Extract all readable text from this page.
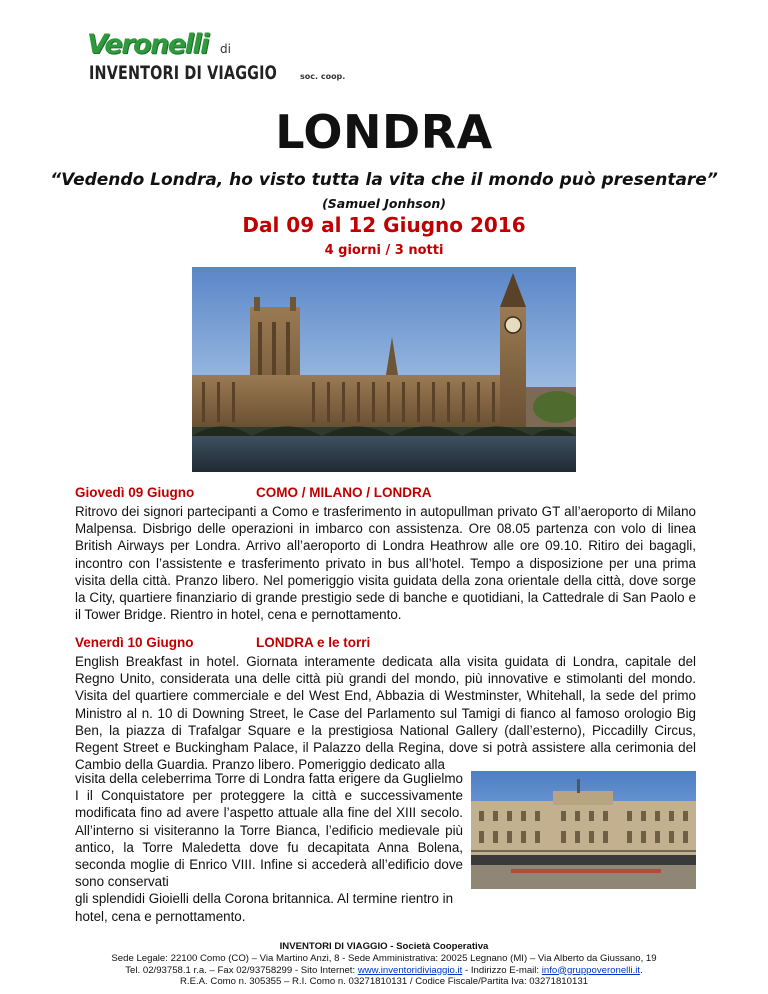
Veronelli di
INVENTORI DI VIAGGIO	soc. coop.
LONDRA
“Vedendo Londra, ho visto tutta la vita che il mondo può presentare”
(Samuel Jonhson)
Dal 09 al 12 Giugno 2016
4 giorni / 3 notti
Giovedì 09 Giugno	COMO / MILANO / LONDRA
Ritrovo dei signori partecipanti a Como e trasferimento in autopullman privato GT all’aeroporto di Milano Malpensa. Disbrigo delle operazioni in imbarco con assistenza. Ore 08.05 partenza con volo di linea British Airways per Londra. Arrivo all’aeroporto di Londra Heathrow alle ore 09.10. Ritiro dei bagagli, incontro con l’assistente e trasferimento privato in bus all’hotel. Tempo a disposizione per una prima visita della città. Pranzo libero. Nel pomeriggio visita guidata della zona orientale della città, dove sorge la City, quartiere finanziario di grande prestigio sede di banche e quotidiani, la Cattedrale di San Paolo e il Tower Bridge. Rientro in hotel, cena e pernottamento.
Venerdì 10 Giugno	LONDRA e le torri
English Breakfast in hotel. Giornata interamente dedicata alla visita guidata di Londra, capitale del Regno Unito, considerata una delle città più grandi del mondo, più innovative e stimolanti del mondo. Visita del quartiere commerciale e del West End, Abbazia di Westminster, Whitehall, la sede del primo Ministro al n. 10 di Downing Street, le Case del Parlamento sul Tamigi di fianco al famoso orologio Big Ben, la piazza di Trafalgar Square e la prestigiosa National Gallery (dall’esterno), Piccadilly Circus, Regent Street e Buckingham Palace, il Palazzo della Regina, dove si potrà assistere alla cerimonia del Cambio della Guardia. Pranzo libero. Pomeriggio dedicato alla
visita della celeberrima Torre di Londra fatta erigere da Guglielmo I il Conquistatore per proteggere la città e successivamente modificata fino ad avere l’aspetto attuale alla fine del XIII secolo. All’interno si visiteranno la Torre Bianca, l’edificio medievale più antico, la Torre Maledetta dove fu decapitata Anna Bolena, seconda moglie di Enrico VIII. Infine si accederà all’edificio dove sono conservati
gli splendidi Gioielli della Corona britannica. Al termine rientro in hotel, cena e pernottamento.
INVENTORI DI VIAGGIO - Società Cooperativa
Sede Legale: 22100 Como (CO) – Via Martino Anzi, 8 - Sede Amministrativa: 20025 Legnano (MI) – Via Alberto da Giussano, 19
Tel. 02/93758.1 r.a. – Fax 02/93758299 - Sito Internet: www.inventoridiviaggio.it - Indirizzo E-mail: info@gruppoveronelli.it.
R.E.A. Como n. 305355 – R.I. Como n. 03271810131 / Codice Fiscale/Partita Iva: 03271810131
